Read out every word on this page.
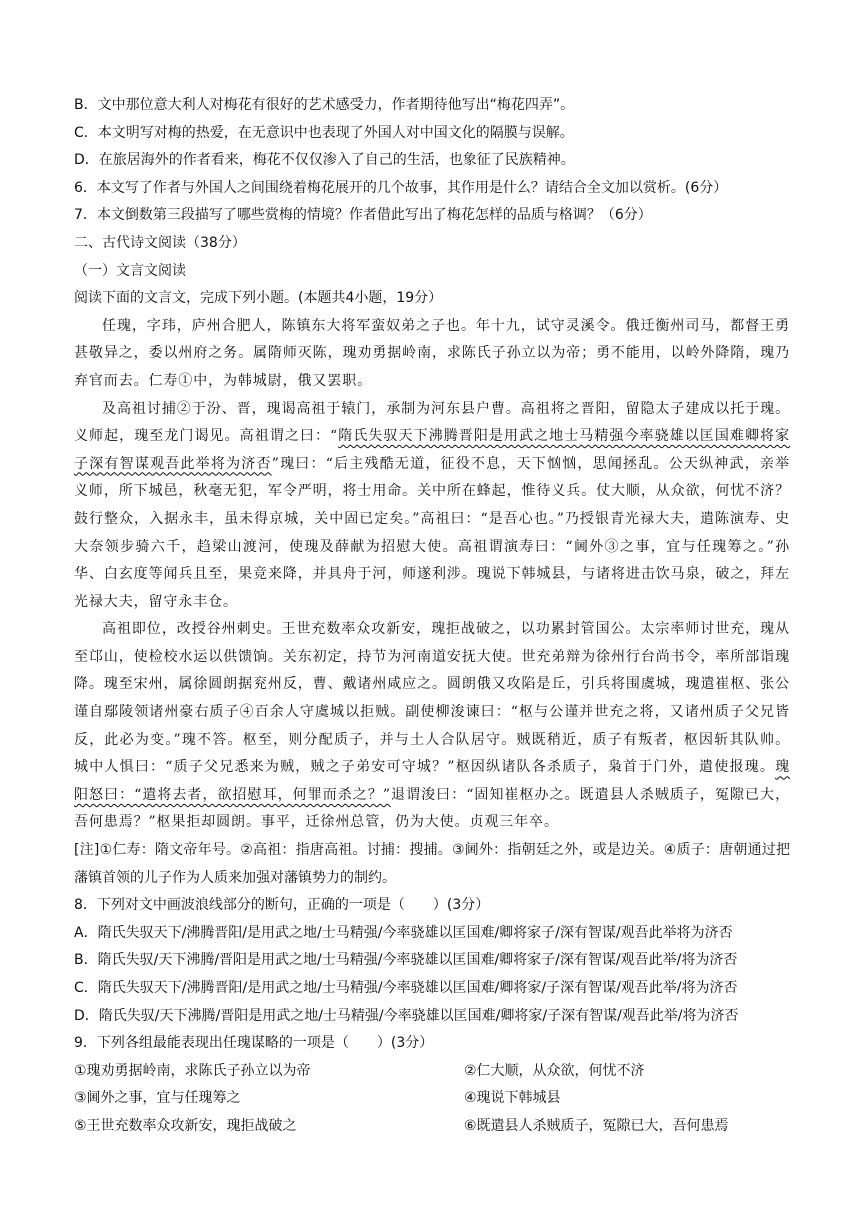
B．文中那位意大利人对梅花有很好的艺术感受力，作者期待他写出“梅花四弄”。

C．本文明写对梅的热爱，在无意识中也表现了外国人对中国文化的隔膜与误解。

D．在旅居海外的作者看来，梅花不仅仅渗入了自己的生活，也象征了民族精神。

6．本文写了作者与外国人之间围绕着梅花展开的几个故事，其作用是什么？请结合全文加以赏析。(6分）

7．本文倒数第三段描写了哪些赏梅的情境？作者借此写出了梅花怎样的品质与格调？（6分）

二、古代诗文阅读（38分）

（一）文言文阅读

阅读下面的文言文，完成下列小题。(本题共4小题，19分）

任瑰，字玮，庐州合肥人，陈镇东大将军蛮奴弟之子也。年十九，试守灵溪令。俄迁衡州司马，都督王勇甚敬异之，委以州府之务。属隋师灭陈，瑰劝勇据岭南，求陈氏子孙立以为帝；勇不能用，以岭外降隋，瑰乃弃官而去。仁寿①中，为韩城尉，俄又罢职。

及高祖讨捕②于汾、晋，瑰谒高祖于辕门，承制为河东县户曹。高祖将之晋阳，留隐太子建成以托于瑰。义师起，瑰至龙门谒见。高祖谓之曰：“隋氏失驭天下沸腾晋阳是用武之地士马精强今率骁雄以匡国难卿将家子深有智谋观吾此举将为济否”瑰曰：“后主残酷无道，征役不息，天下忷忷，思闻拯乱。公天纵神武，亲举义师，所下城邑，秋毫无犯，军令严明，将士用命。关中所在蜂起，惟待义兵。仗大顺，从众欲，何忧不济？鼓行整众，入据永丰，虽未得京城，关中固已定矣。”高祖曰：“是吾心也。”乃授银青光禄大夫，遣陈演寿、史大奈领步骑六千，趋梁山渡河，使瑰及薛献为招慰大使。高祖谓演寿曰：“阃外③之事，宜与任瑰筹之。”孙华、白玄度等闻兵且至，果竞来降，并具舟于河，师遂利涉。瑰说下韩城县，与诸将进击饮马泉，破之，拜左光禄大夫，留守永丰仓。

高祖即位，改授谷州刺史。王世充数率众攻新安，瑰拒战破之，以功累封管国公。太宗率师讨世充，瑰从至邙山，使检校水运以供馈饷。关东初定，持节为河南道安抚大使。世充弟辩为徐州行台尚书令，率所部诣瑰降。瑰至宋州，属徐圆朗据兖州反，曹、戴诸州咸应之。圆朗俄又攻陷是丘，引兵将围虞城，瑰遣崔枢、张公谨自鄢陵领诸州豪右质子④百余人守虞城以拒贼。副使柳浚谏曰：“枢与公谨并世充之将，又诸州质子父兄皆反，此必为变。”瑰不答。枢至，则分配质子，并与土人合队居守。贼既稍近，质子有叛者，枢因斩其队帅。城中人惧曰：“质子父兄悉来为贼，贼之子弟安可守城？”枢因纵诸队各杀质子，枭首于门外，遣使报瑰。瑰阳怒曰：“遣将去者，欲招慰耳，何罪而杀之？”退谓浚曰：“固知崔枢办之。既遣县人杀贼质子，冤隙已大，吾何患焉？”枢果拒却圆朗。事平，迁徐州总管，仍为大使。贞观三年卒。

[注]①仁寿：隋文帝年号。②高祖：指唐高祖。讨捕：搜捕。③阃外：指朝廷之外，或是边关。④质子：唐朝通过把藩镇首领的儿子作为人质来加强对藩镇势力的制约。

8．下列对文中画波浪线部分的断句，正确的一项是（　　）(3分）

A．隋氏失驭天下/沸腾晋阳/是用武之地/士马精强/今率骁雄以匡国难/卿将家子/深有智谋/观吾此举将为济否

B．隋氏失驭/天下沸腾/晋阳是用武之地/士马精强/今率骁雄以匡国难/卿将家子/深有智谋/观吾此举/将为济否

C．隋氏失驭天下/沸腾晋阳/是用武之地/士马精强/今率骁雄以匡国难/卿将家/子深有智谋/观吾此举/将为济否

D．隋氏失驭/天下沸腾/晋阳是用武之地/士马精强/今率骁雄以匡国难/卿将家/子深有智谋/观吾此举/将为济否

9．下列各组最能表现出任瑰谋略的一项是（　　）(3分）

①瑰劝勇据岭南，求陈氏子孙立以为帝	②仁大顺，从众欲，何忧不济
③阃外之事，宜与任瑰筹之	④瑰说下韩城县
⑤王世充数率众攻新安，瑰拒战破之	⑥既遣县人杀贼质子，冤隙已大，吾何患焉
